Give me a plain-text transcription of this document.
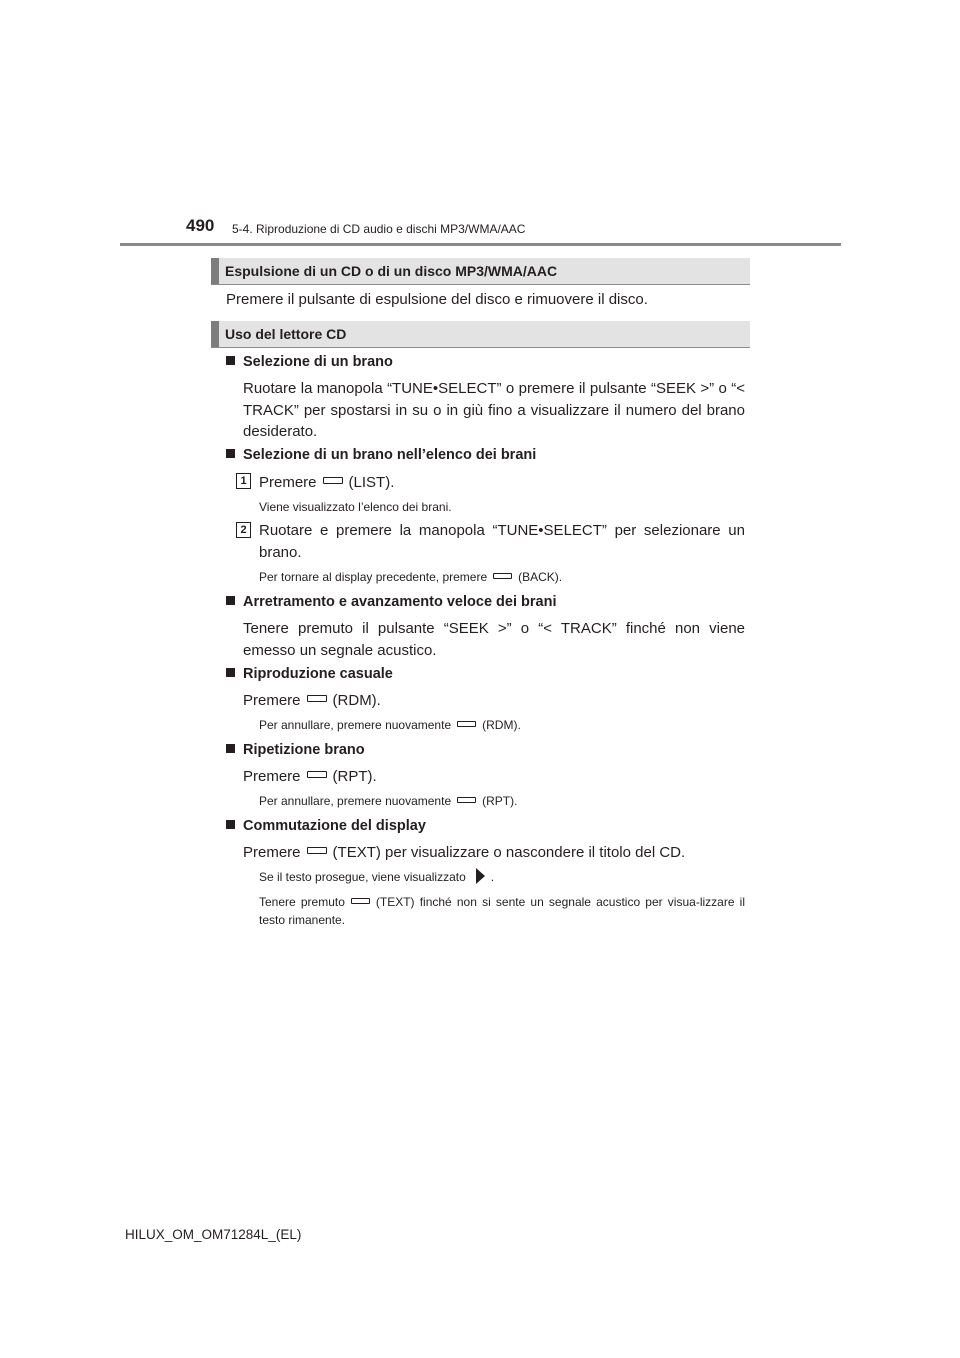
490 5-4. Riproduzione di CD audio e dischi MP3/WMA/AAC
Espulsione di un CD o di un disco MP3/WMA/AAC
Premere il pulsante di espulsione del disco e rimuovere il disco.
Uso del lettore CD
Selezione di un brano
Ruotare la manopola “TUNE•SELECT” o premere il pulsante “SEEK >” o “< TRACK” per spostarsi in su o in giù fino a visualizzare il numero del brano desiderato.
Selezione di un brano nell’elenco dei brani
1 Premere (LIST).
Viene visualizzato l’elenco dei brani.
2 Ruotare e premere la manopola “TUNE•SELECT” per selezionare un brano.
Per tornare al display precedente, premere	(BACK).
Arretramento e avanzamento veloce dei brani
Tenere premuto il pulsante “SEEK >” o “< TRACK” finché non viene emesso un segnale acustico.
Riproduzione casuale
Premere (RDM).
Per annullare, premere nuovamente	(RDM).
Ripetizione brano
Premere (RPT).
Per annullare, premere nuovamente	(RPT).
Commutazione del display
Premere (TEXT) per visualizzare o nascondere il titolo del CD.
Se il testo prosegue, viene visualizzato .
Tenere premuto	(TEXT) finché non si sente un segnale acustico per visua-lizzare il testo rimanente.
HILUX_OM_OM71284L_(EL)
